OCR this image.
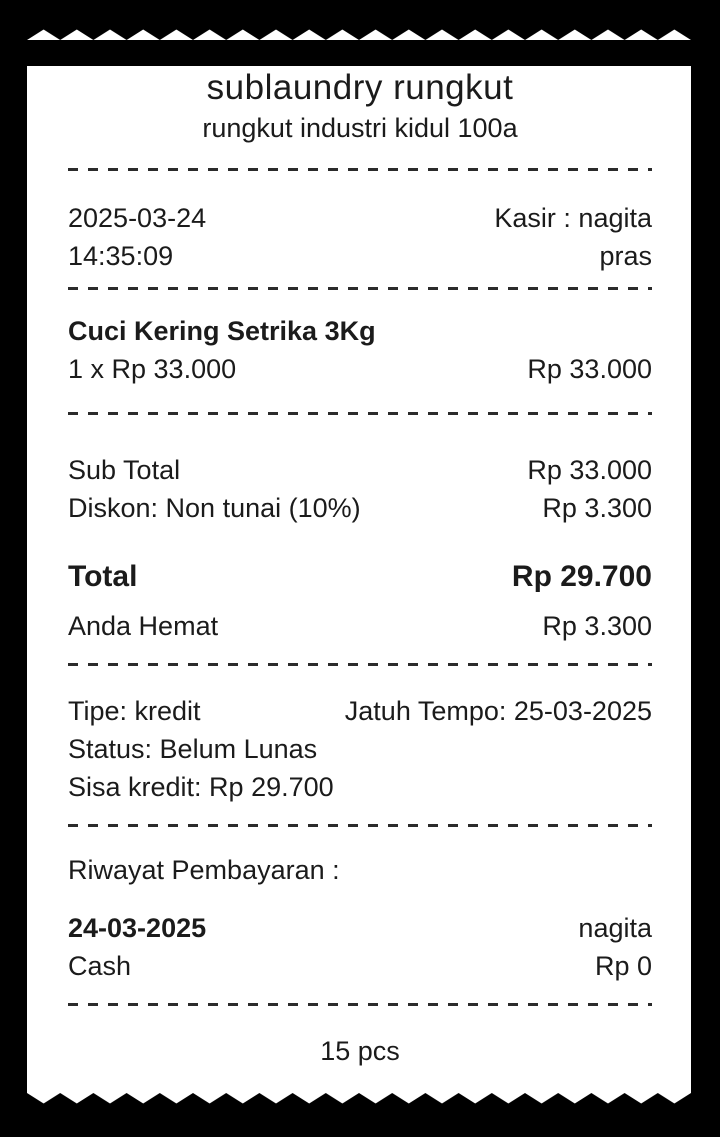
sublaundry rungkut
rungkut industri kidul 100a
2025-03-24	Kasir : nagita
14:35:09	pras
Cuci Kering Setrika 3Kg
1 x Rp 33.000	Rp 33.000
Sub Total	Rp 33.000
Diskon: Non tunai (10%)	Rp 3.300
Total	Rp 29.700
Anda Hemat	Rp 3.300
Tipe: kredit	Jatuh Tempo: 25-03-2025
Status: Belum Lunas
Sisa kredit: Rp 29.700
Riwayat Pembayaran :
24-03-2025	nagita
Cash	Rp 0
15 pcs
